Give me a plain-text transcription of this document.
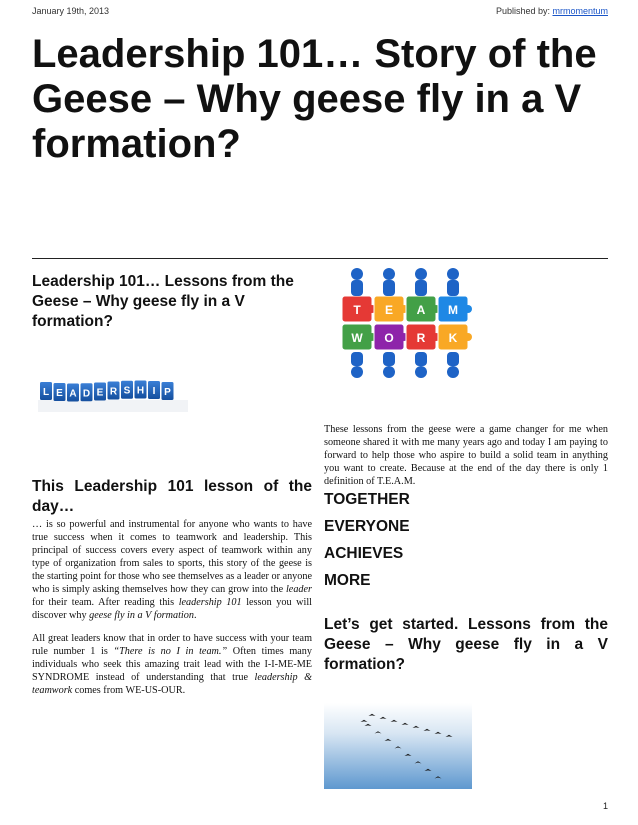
January 19th, 2013	Published by: mrmomentum
Leadership 101… Story of the Geese – Why geese fly in a V formation?
Leadership 101… Lessons from the Geese – Why geese fly in a V formation?
L E A D E R S H I P
This Leadership 101 lesson of the day…

… is so powerful and instrumental for anyone who wants to have true success when it comes to teamwork and leadership. This principal of success covers every aspect of teamwork within any type of organization from sales to sports, this story of the geese is the starting point for those who see themselves as a leader or anyone who is simply asking themselves how they can grow into the leader for their team. After reading this leadership 101 lesson you will discover why geese fly in a V formation.

All great leaders know that in order to have success with your team rule number 1 is “There is no I in team.” Often times many individuals who seek this amazing trait lead with the I-I-ME-ME SYNDROME instead of understanding that true leadership & teamwork comes from WE-US-OUR.

T E A M
W O R K

These lessons from the geese were a game changer for me when someone shared it with me many years ago and today I am paying to forward to help those who aspire to build a solid team in anything you want to create. Because at the end of the day there is only 1 definition of T.E.A.M.

TOGETHER
EVERYONE
ACHIEVES
MORE
Let’s get started. Lessons from the Geese – Why geese fly in a V formation?
1
